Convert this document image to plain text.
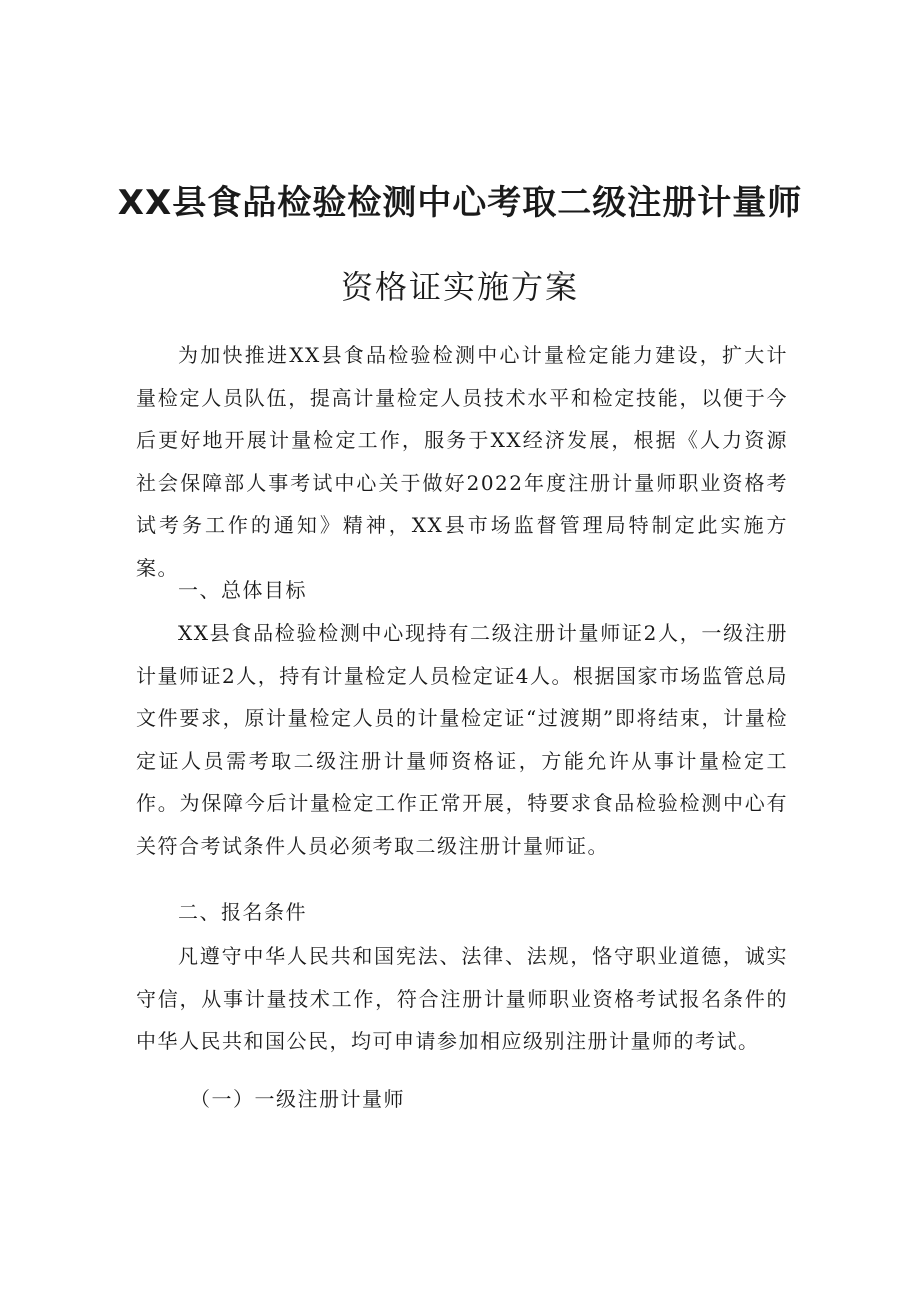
XX县食品检验检测中心考取二级注册计量师
资格证实施方案

为加快推进XX县食品检验检测中心计量检定能力建设，扩大计量检定人员队伍，提高计量检定人员技术水平和检定技能，以便于今后更好地开展计量检定工作，服务于XX经济发展，根据《人力资源社会保障部人事考试中心关于做好2022年度注册计量师职业资格考试考务工作的通知》精神，XX县市场监督管理局特制定此实施方案。

一、总体目标

XX县食品检验检测中心现持有二级注册计量师证2人，一级注册计量师证2人，持有计量检定人员检定证4人。根据国家市场监管总局文件要求，原计量检定人员的计量检定证“过渡期”即将结束，计量检定证人员需考取二级注册计量师资格证，方能允许从事计量检定工作。为保障今后计量检定工作正常开展，特要求食品检验检测中心有关符合考试条件人员必须考取二级注册计量师证。

二、报名条件

凡遵守中华人民共和国宪法、法律、法规，恪守职业道德，诚实守信，从事计量技术工作，符合注册计量师职业资格考试报名条件的中华人民共和国公民，均可申请参加相应级别注册计量师的考试。

（一）一级注册计量师
